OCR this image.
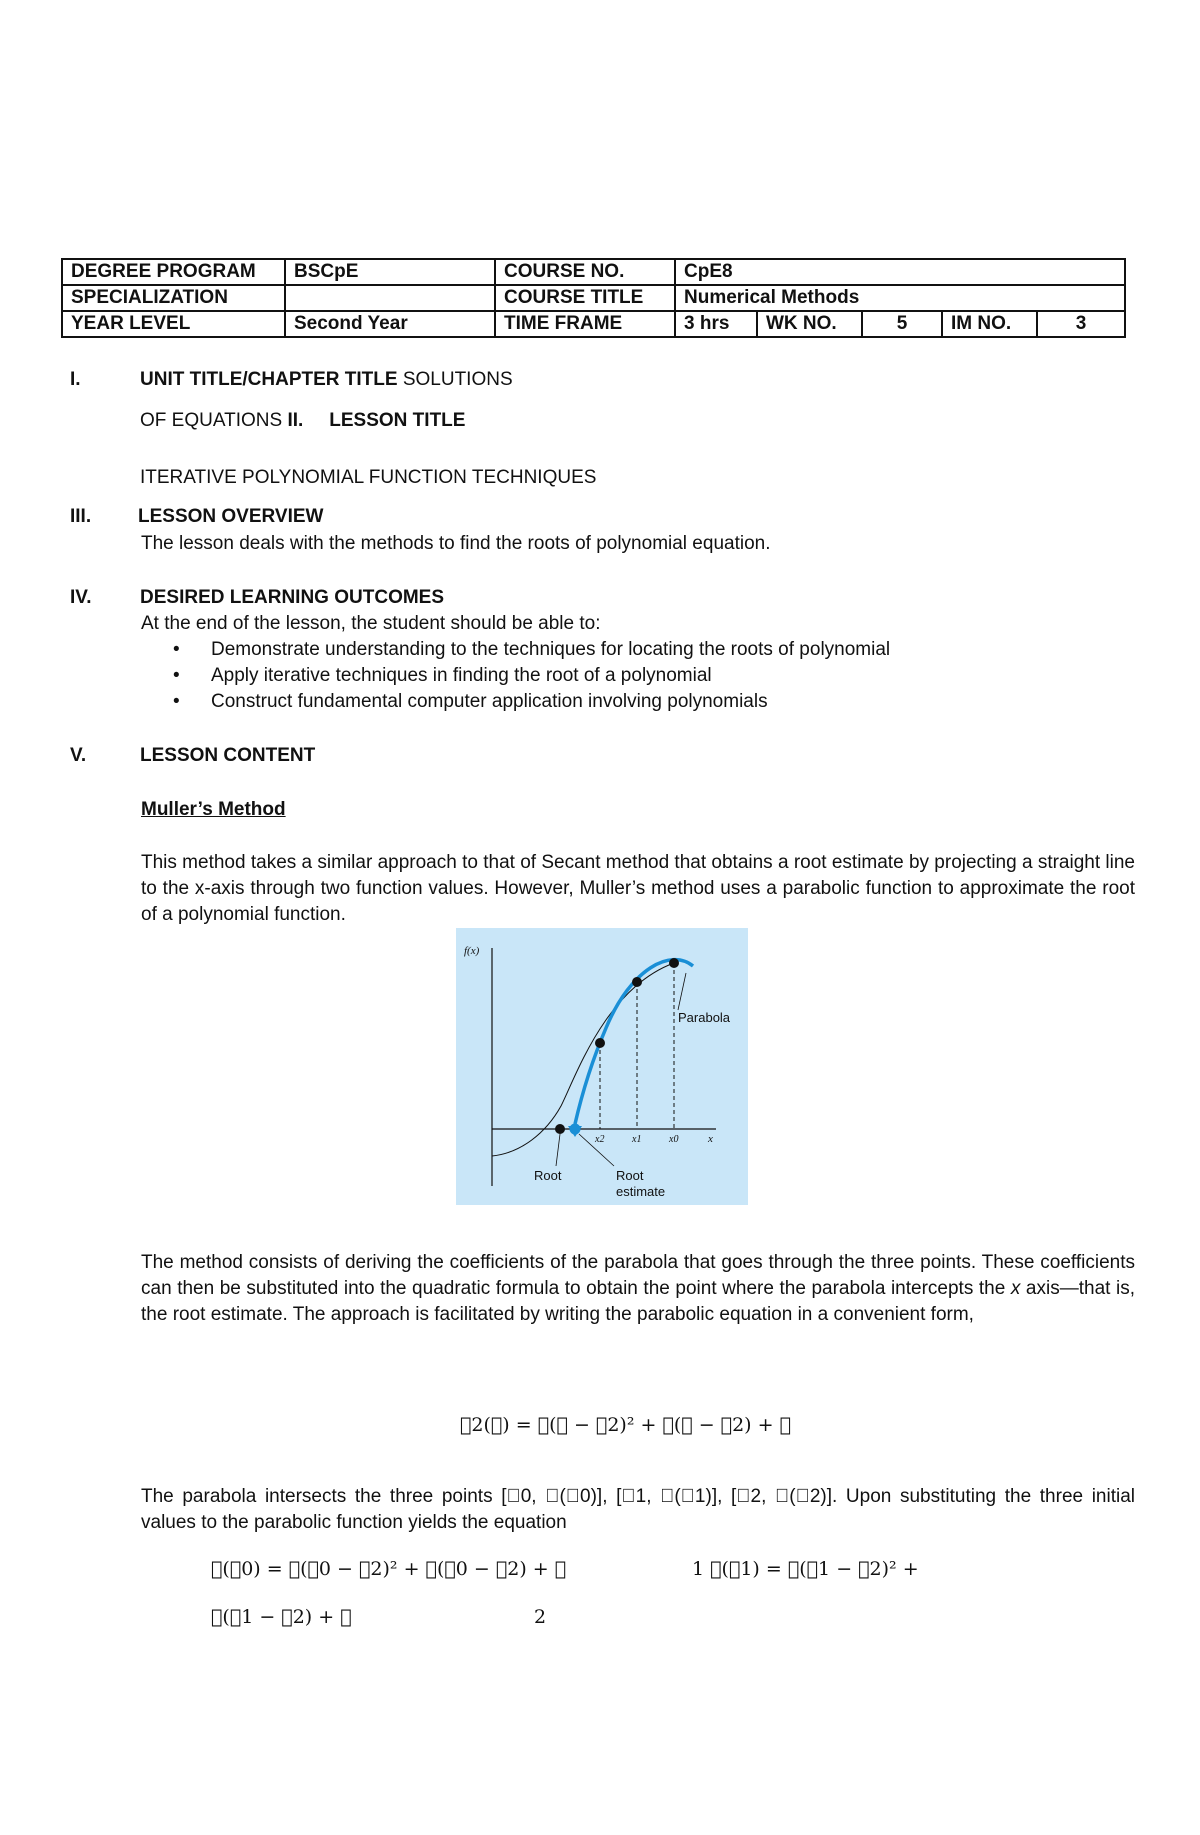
DEGREE PROGRAM	BSCpE	COURSE NO.	CpE8				
SPECIALIZATION		COURSE TITLE	Numerical Methods				
YEAR LEVEL	Second Year	TIME FRAME	3 hrs	WK NO.	5	IM NO.	3
I.	UNIT TITLE/CHAPTER TITLE SOLUTIONS
OF EQUATIONS II. LESSON TITLE
ITERATIVE POLYNOMIAL FUNCTION TECHNIQUES
III. LESSON OVERVIEW
The lesson deals with the methods to find the roots of polynomial equation.
IV.	DESIRED LEARNING OUTCOMES
At the end of the lesson, the student should be able to:
• Demonstrate understanding to the techniques for locating the roots of polynomial
• Apply iterative techniques in finding the root of a polynomial
• Construct fundamental computer application involving polynomials
V.	LESSON CONTENT
Muller’s Method
This method takes a similar approach to that of Secant method that obtains a root estimate by projecting a straight line to the x-axis through two function values. However, Muller’s method uses a parabolic function to approximate the root of a polynomial function.
f(x)
x
x2	x1	x0
Parabola
Root	Root
estimate
The method consists of deriving the coefficients of the parabola that goes through the three points. These coefficients can then be substituted into the quadratic formula to obtain the point where the parabola intercepts the x axis—that is, the root estimate. The approach is facilitated by writing the parabolic equation in a convenient form,
􏰃2(􏰀) = 􏰁(􏰀 − 􏰀2)² + 􏰂(􏰀 − 􏰀2) + 􏰃
The parabola intersects the three points [􏰀0, 􏰄(􏰀0)], [􏰀1, 􏰄(􏰀1)], [􏰀2, 􏰄(􏰀2)]. Upon substituting the three initial values to the parabolic function yields the equation
􏰄(􏰀0) = 􏰁(􏰀0 − 􏰀2)² + 􏰂(􏰀0 − 􏰀2) + 􏰃	1 􏰄(􏰀1) = 􏰁(􏰀1 − 􏰀2)² +
􏰂(􏰀1 − 􏰀2) + 􏰃	2
